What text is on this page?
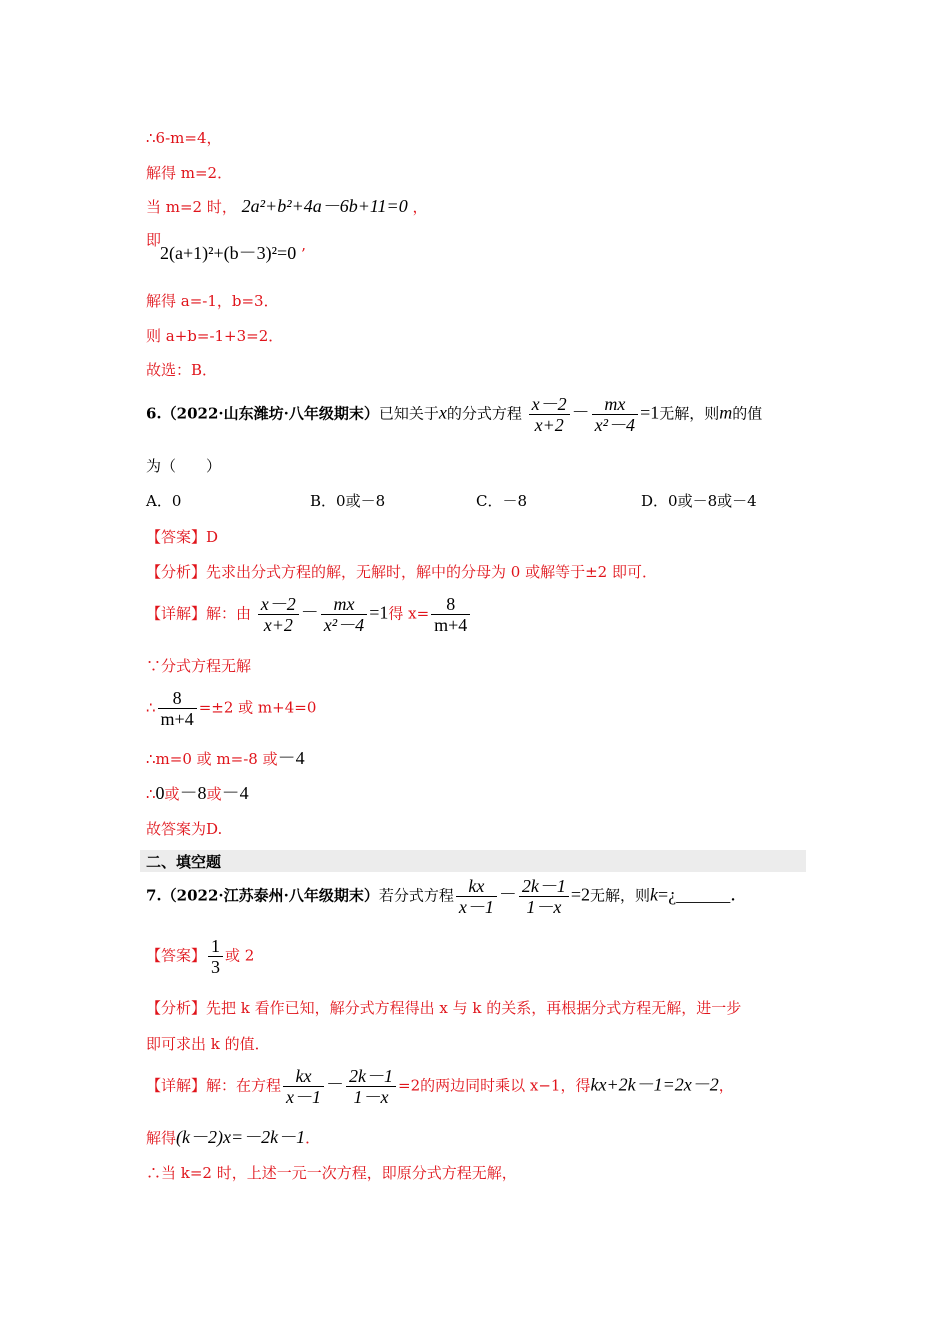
∴6-m=4，
解得 m=2．
当 m=2 时， 2a²+b²+4a－6b+11=0 ，
即
2(a+1)²+(b－3)²=0 ’
解得 a=-1，b=3．
则 a+b=-1+3=2．
故选：B．
6.（2022·山东潍坊·八年级期末）已知关于x的分式方程 $\frac{x-2}{x+2} - \frac{mx}{\text{x²－4}} =1$无解，则m的值
为（　　）
A．0	B．0或－8	C．－8	D．0或－8或－4
【答案】D
【分析】先求出分式方程的解，无解时，解中的分母为 0 或解等于±2 即可．
【详解】解：由 $\frac{x-2}{x+2} - \frac{mx}{\text{x²－4}} =1$得 $x= \frac{8}{m+4}$
∵分式方程无解
∴ $\frac{8}{m+4} =\pm 2$ 或 m+4=0
∴m=0 或 m=-8 或－4
∴0或－8或－4
故答案为D.
二、填空题
7.（2022·江苏泰州·八年级期末）若分式方程 $\frac{kx}{x-1} - \frac{2k-1}{1-x} =2$无解，则k=¿______．
【答案】 $\frac{1}{3}$ 或 2
【分析】先把 k 看作已知，解分式方程得出 x 与 k 的关系，再根据分式方程无解，进一步
即可求出 k 的值．
【详解】解：在方程 $\frac{kx}{x-1} - \frac{2k-1}{1-x} =2$的两边同时乘以 x−1，得kx+2k－1=2x－2，
解得(k－2)x=－2k－1．
∴当 k=2 时，上述一元一次方程，即原分式方程无解，
